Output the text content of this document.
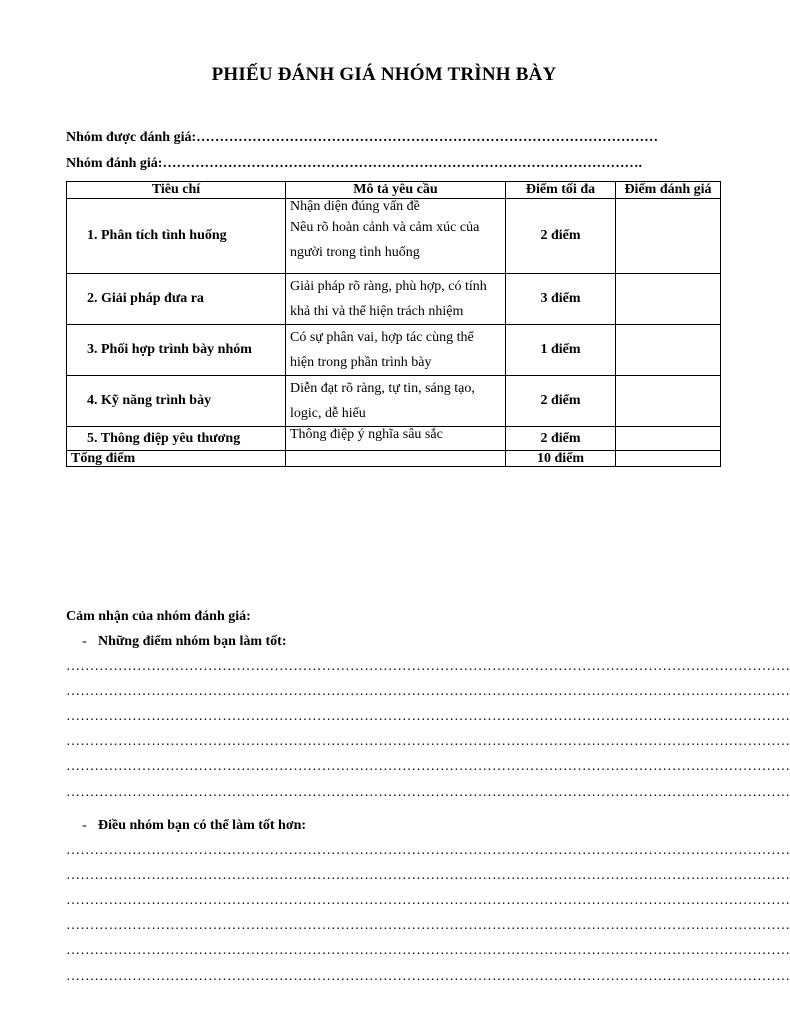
PHIẾU ĐÁNH GIÁ NHÓM TRÌNH BÀY
Nhóm được đánh giá:………………………………………………………………………………………
Nhóm đánh giá:………………………………………………………………………………………….
Tiêu chí	Mô tả yêu cầu	Điểm tối đa	Điểm đánh giá
1. Phân tích tình huống	Nhận diện đúng vấn đề
Nêu rõ hoàn cảnh và cảm xúc của
người trong tình huống	2 điểm	
2. Giải pháp đưa ra	Giải pháp rõ ràng, phù hợp, có tính
khả thi và thể hiện trách nhiệm	3 điểm	
3. Phối hợp trình bày nhóm	Có sự phân vai, hợp tác cùng thể
hiện trong phần trình bày	1 điểm	
4. Kỹ năng trình bày	Diễn đạt rõ ràng, tự tin, sáng tạo,
logic, dễ hiểu	2 điểm	
5. Thông điệp yêu thương	Thông điệp ý nghĩa sâu sắc	2 điểm	
Tổng điểm		10 điểm	
Cảm nhận của nhóm đánh giá:
- Những điểm nhóm bạn làm tốt:
………………………………………………………………………………………………………………………………………
………………………………………………………………………………………………………………………………………
………………………………………………………………………………………………………………………………………
………………………………………………………………………………………………………………………………………
………………………………………………………………………………………………………………………………………
………………………………………………………………………………………………………………………………………
- Điều nhóm bạn có thể làm tốt hơn:
………………………………………………………………………………………………………………………………………
………………………………………………………………………………………………………………………………………
………………………………………………………………………………………………………………………………………
………………………………………………………………………………………………………………………………………
………………………………………………………………………………………………………………………………………
………………………………………………………………………………………………………………………………………
